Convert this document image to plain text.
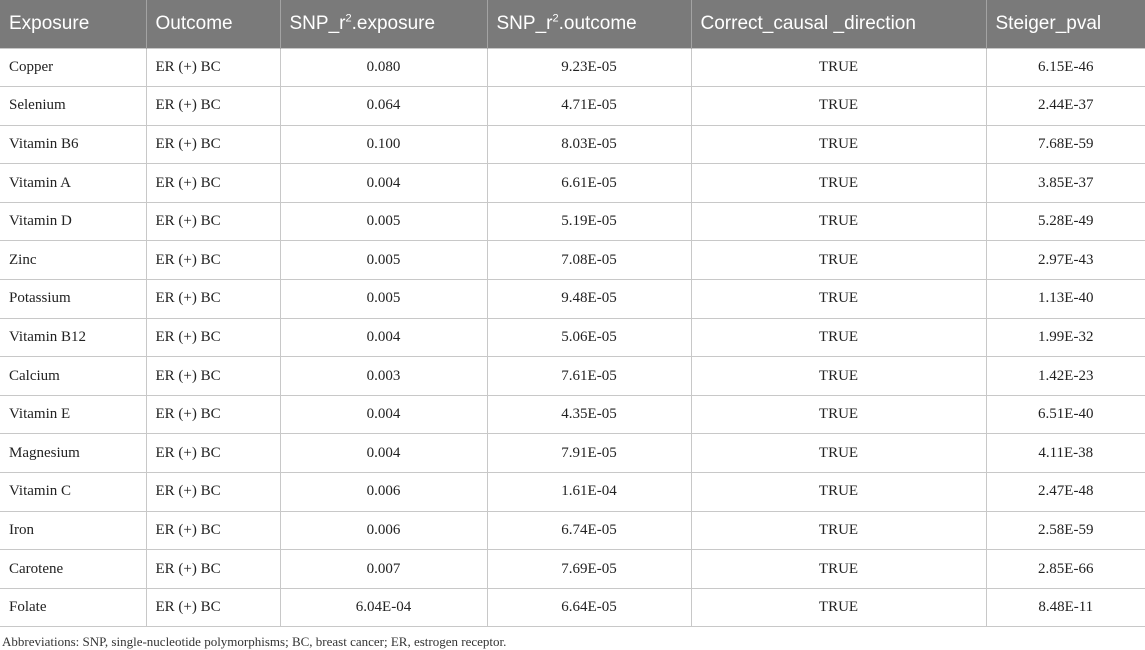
Exposure	Outcome	$SNP\_r^2.exposure$	$SNP\_r^2.outcome$	Correct_causal _direction	Steiger_pval
Copper	ER (+) BC	0.080	9.23E-05	TRUE	6.15E-46
Selenium	ER (+) BC	0.064	4.71E-05	TRUE	2.44E-37
Vitamin B6	ER (+) BC	0.100	8.03E-05	TRUE	7.68E-59
Vitamin A	ER (+) BC	0.004	6.61E-05	TRUE	3.85E-37
Vitamin D	ER (+) BC	0.005	5.19E-05	TRUE	5.28E-49
Zinc	ER (+) BC	0.005	7.08E-05	TRUE	2.97E-43
Potassium	ER (+) BC	0.005	9.48E-05	TRUE	1.13E-40
Vitamin B12	ER (+) BC	0.004	5.06E-05	TRUE	1.99E-32
Calcium	ER (+) BC	0.003	7.61E-05	TRUE	1.42E-23
Vitamin E	ER (+) BC	0.004	4.35E-05	TRUE	6.51E-40
Magnesium	ER (+) BC	0.004	7.91E-05	TRUE	4.11E-38
Vitamin C	ER (+) BC	0.006	1.61E-04	TRUE	2.47E-48
Iron	ER (+) BC	0.006	6.74E-05	TRUE	2.58E-59
Carotene	ER (+) BC	0.007	7.69E-05	TRUE	2.85E-66
Folate	ER (+) BC	6.04E-04	6.64E-05	TRUE	8.48E-11
Abbreviations: SNP, single-nucleotide polymorphisms; BC, breast cancer; ER, estrogen receptor.
